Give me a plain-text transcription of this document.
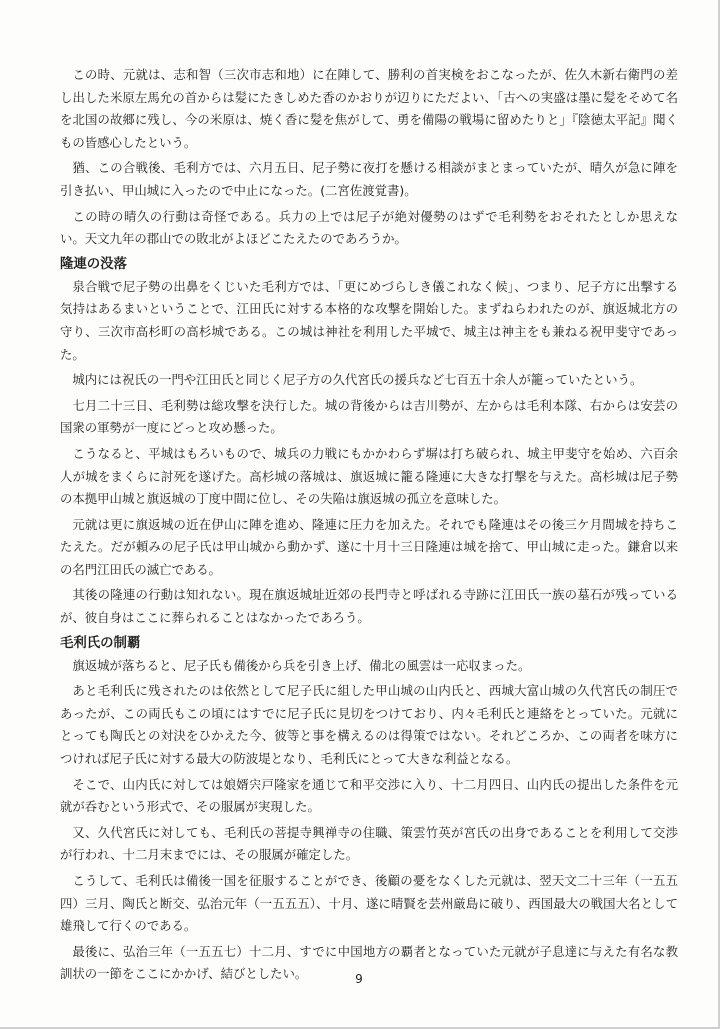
この時、元就は、志和智（三次市志和地）に在陣して、勝利の首実検をおこなったが、佐久木新右衛門の差し出した米原左馬允の首からは髪にたきしめた香のかおりが辺りにただよい、「古への実盛は墨に髪をそめて名を北国の故郷に残し、今の米原は、焼く香に髪を焦がして、勇を備陽の戦場に留めたりと」『陰徳太平記』聞くもの皆感心したという。

猶、この合戦後、毛利方では、六月五日、尼子勢に夜打を懸ける相談がまとまっていたが、晴久が急に陣を引き払い、甲山城に入ったので中止になった。(二宮佐渡覚書)。

この時の晴久の行動は奇怪である。兵力の上では尼子が絶対優勢のはずで毛利勢をおそれたとしか思えない。天文九年の郡山での敗北がよほどこたえたのであろうか。

隆連の没落

泉合戦で尼子勢の出鼻をくじいた毛利方では、「更にめづらしき儀これなく候」、つまり、尼子方に出撃する気持はあるまいということで、江田氏に対する本格的な攻撃を開始した。まずねらわれたのが、旗返城北方の守り、三次市高杉町の高杉城である。この城は神社を利用した平城で、城主は神主をも兼ねる祝甲斐守であった。

城内には祝氏の一門や江田氏と同じく尼子方の久代宮氏の援兵など七百五十余人が籠っていたという。

七月二十三日、毛利勢は総攻撃を決行した。城の背後からは吉川勢が、左からは毛利本隊、右からは安芸の国衆の軍勢が一度にどっと攻め懸った。

こうなると、平城はもろいもので、城兵の力戦にもかかわらず塀は打ち破られ、城主甲斐守を始め、六百余人が城をまくらに討死を遂げた。高杉城の落城は、旗返城に籠る隆連に大きな打撃を与えた。高杉城は尼子勢の本拠甲山城と旗返城の丁度中間に位し、その失陥は旗返城の孤立を意味した。

元就は更に旗返城の近在伊山に陣を進め、隆連に圧力を加えた。それでも隆連はその後三ケ月間城を持ちこたえた。だが頼みの尼子氏は甲山城から動かず、遂に十月十三日隆連は城を捨て、甲山城に走った。鎌倉以来の名門江田氏の滅亡である。

其後の隆連の行動は知れない。現在旗返城址近郊の長門寺と呼ばれる寺跡に江田氏一族の墓石が残っているが、彼自身はここに葬られることはなかったであろう。

毛利氏の制覇

旗返城が落ちると、尼子氏も備後から兵を引き上げ、備北の風雲は一応収まった。

あと毛利氏に残されたのは依然として尼子氏に組した甲山城の山内氏と、西城大富山城の久代宮氏の制圧であったが、この両氏もこの頃にはすでに尼子氏に見切をつけており、内々毛利氏と連絡をとっていた。元就にとっても陶氏との対決をひかえた今、彼等と事を構えるのは得策ではない。それどころか、この両者を味方につければ尼子氏に対する最大の防波堤となり、毛利氏にとって大きな利益となる。

そこで、山内氏に対しては娘婿宍戸隆家を通じて和平交渉に入り、十二月四日、山内氏の提出した条件を元就が呑むという形式で、その服属が実現した。

又、久代宮氏に対しても、毛利氏の菩提寺興禅寺の住職、策雲竹英が宮氏の出身であることを利用して交渉が行われ、十二月末までには、その服属が確定した。

こうして、毛利氏は備後一国を征服することができ、後顧の憂をなくした元就は、翌天文二十三年（一五五四）三月、陶氏と断交、弘治元年（一五五五）、十月、遂に晴賢を芸州厳島に破り、西国最大の戦国大名として雄飛して行くのである。

最後に、弘治三年（一五五七）十二月、すでに中国地方の覇者となっていた元就が子息達に与えた有名な教訓状の一節をここにかかげ、結びとしたい。	9
